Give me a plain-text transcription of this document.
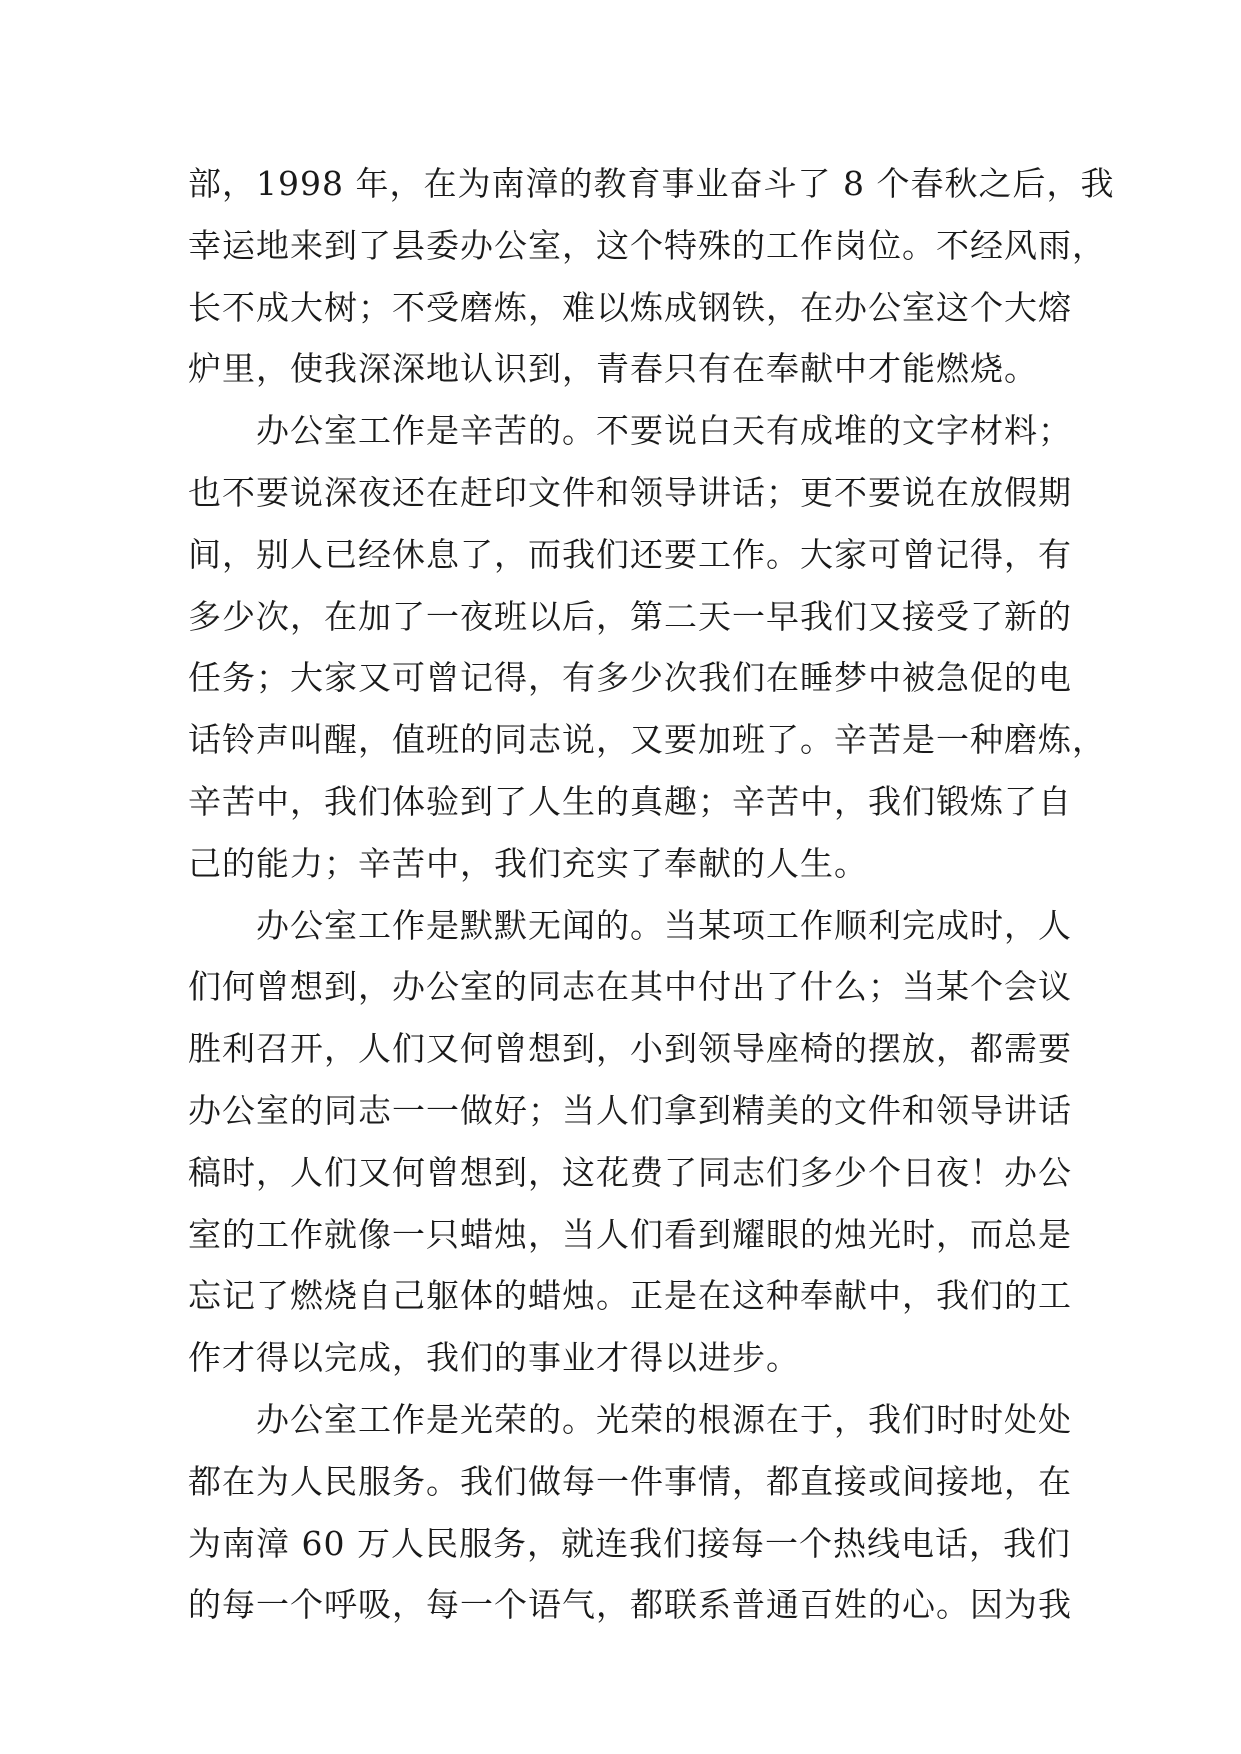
部，1998 年，在为南漳的教育事业奋斗了 8 个春秋之后，我
幸运地来到了县委办公室，这个特殊的工作岗位。不经风雨，
长不成大树；不受磨炼，难以炼成钢铁，在办公室这个大熔
炉里，使我深深地认识到，青春只有在奉献中才能燃烧。
办公室工作是辛苦的。不要说白天有成堆的文字材料；
也不要说深夜还在赶印文件和领导讲话；更不要说在放假期
间，别人已经休息了，而我们还要工作。大家可曾记得，有
多少次，在加了一夜班以后，第二天一早我们又接受了新的
任务；大家又可曾记得，有多少次我们在睡梦中被急促的电
话铃声叫醒，值班的同志说，又要加班了。辛苦是一种磨炼，
辛苦中，我们体验到了人生的真趣；辛苦中，我们锻炼了自
己的能力；辛苦中，我们充实了奉献的人生。
办公室工作是默默无闻的。当某项工作顺利完成时，人
们何曾想到，办公室的同志在其中付出了什么；当某个会议
胜利召开，人们又何曾想到，小到领导座椅的摆放，都需要
办公室的同志一一做好；当人们拿到精美的文件和领导讲话
稿时，人们又何曾想到，这花费了同志们多少个日夜！办公
室的工作就像一只蜡烛，当人们看到耀眼的烛光时，而总是
忘记了燃烧自己躯体的蜡烛。正是在这种奉献中，我们的工
作才得以完成，我们的事业才得以进步。
办公室工作是光荣的。光荣的根源在于，我们时时处处
都在为人民服务。我们做每一件事情，都直接或间接地，在
为南漳 60 万人民服务，就连我们接每一个热线电话，我们
的每一个呼吸，每一个语气，都联系普通百姓的心。因为我
